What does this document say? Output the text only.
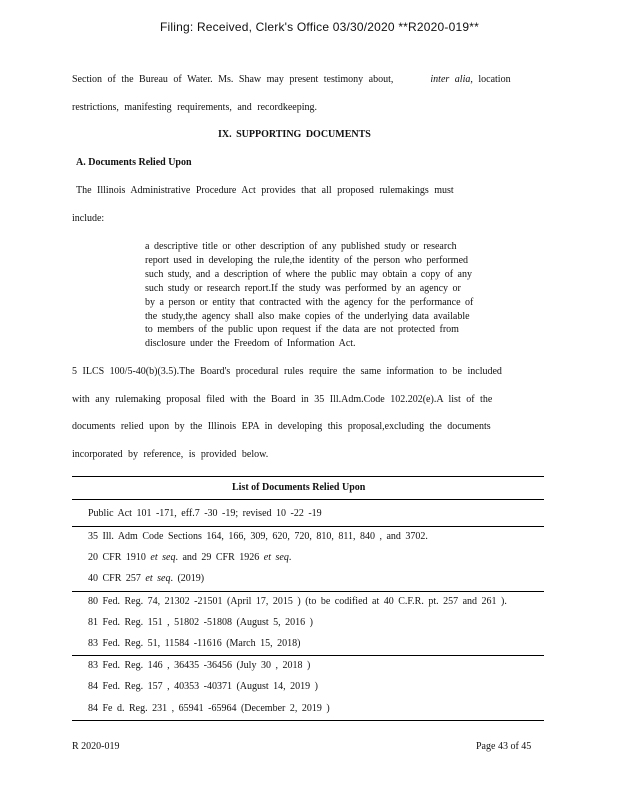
Filing: Received, Clerk's Office 03/30/2020 **R2020-019**
Section of the Bureau of Water. Ms. Shaw may present testimony about,	inter alia, location
restrictions, manifesting requirements, and recordkeeping.
IX. SUPPORTING DOCUMENTS
A. Documents Relied Upon
The Illinois Administrative Procedure Act provides that all proposed rulemakings must
include:
a descriptive title or other description of any published study or research
report used in developing the rule,the identity of the person who performed
such study, and a description of where the public may obtain a copy of any
such study or research report.If the study was performed by an agency or
by a person or entity that contracted with the agency for the performance of
the study,the agency shall also make copies of the underlying data available
to members of the public upon request if the data are not protected from
disclosure under the Freedom of Information Act.
5 ILCS 100/5-40(b)(3.5).The Board's procedural rules require the same information to be included
with any rulemaking proposal filed with the Board in 35 Ill.Adm.Code 102.202(e).A list of the
documents relied upon by the Illinois EPA in developing this proposal,excluding the documents
incorporated by reference, is provided below.
List of Documents Relied Upon
Public Act 101 -171, eff.7 -30 -19; revised 10 -22 -19
35 Ill. Adm Code Sections 164, 166, 309, 620, 720, 810, 811, 840 , and 3702.
20 CFR 1910 et seq. and 29 CFR 1926 et seq.
40 CFR 257 et seq. (2019)
80 Fed. Reg. 74, 21302 -21501 (April 17, 2015 ) (to be codified at 40 C.F.R. pt. 257 and 261 ).
81 Fed. Reg. 151 , 51802 -51808 (August 5, 2016 )
83 Fed. Reg. 51, 11584 -11616 (March 15, 2018)
83 Fed. Reg. 146 , 36435 -36456 (July 30 , 2018 )
84 Fed. Reg. 157 , 40353 -40371 (August 14, 2019 )
84 Fe d. Reg. 231 , 65941 -65964 (December 2, 2019 )
R 2020-019	Page 43 of 45
